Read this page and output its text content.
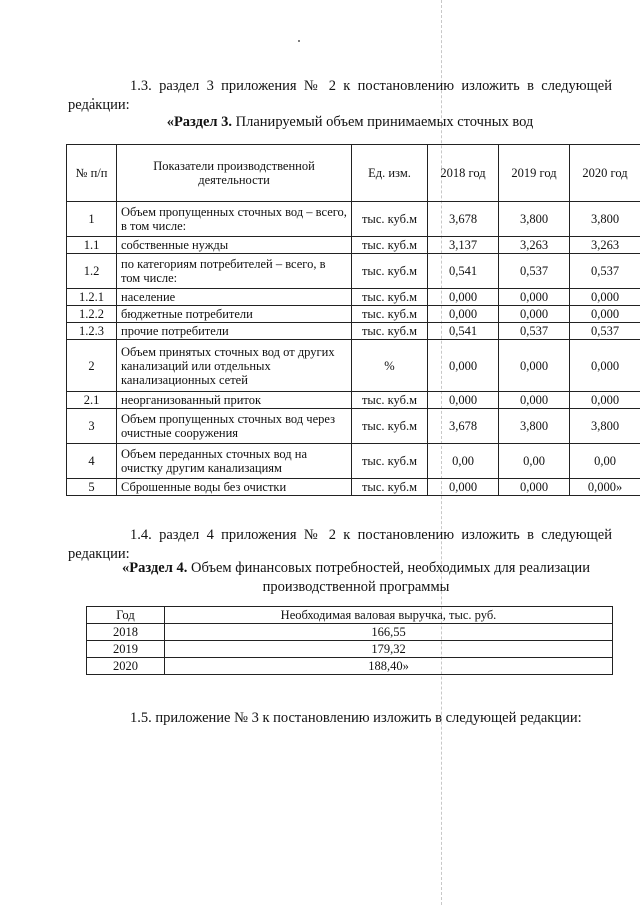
1.3. раздел 3 приложения № 2 к постановлению изложить в следующей редакции:

«Раздел 3. Планируемый объем принимаемых сточных вод
№ п/п	Показатели производственной деятельности	Ед. изм.	2018 год	2019 год	2020 год
1	Объем пропущенных сточных вод – всего, в том числе:	тыс. куб.м	3,678	3,800	3,800
1.1	собственные нужды	тыс. куб.м	3,137	3,263	3,263
1.2	по категориям потребителей – всего, в том числе:	тыс. куб.м	0,541	0,537	0,537
1.2.1	население	тыс. куб.м	0,000	0,000	0,000
1.2.2	бюджетные потребители	тыс. куб.м	0,000	0,000	0,000
1.2.3	прочие потребители	тыс. куб.м	0,541	0,537	0,537
2	Объем принятых сточных вод от других канализаций или отдельных канализационных сетей	%	0,000	0,000	0,000
2.1	неорганизованный приток	тыс. куб.м	0,000	0,000	0,000
3	Объем пропущенных сточных вод через очистные сооружения	тыс. куб.м	3,678	3,800	3,800
4	Объем переданных сточных вод на очистку другим канализациям	тыс. куб.м	0,00	0,00	0,00
5	Сброшенные воды без очистки	тыс. куб.м	0,000	0,000	0,000»

1.4. раздел 4 приложения № 2 к постановлению изложить в следующей редакции:

«Раздел 4. Объем финансовых потребностей, необходимых для реализации производственной программы
Год	Необходимая валовая выручка, тыс. руб.
2018	166,55
2019	179,32
2020	188,40»

1.5. приложение № 3 к постановлению изложить в следующей редакции:
